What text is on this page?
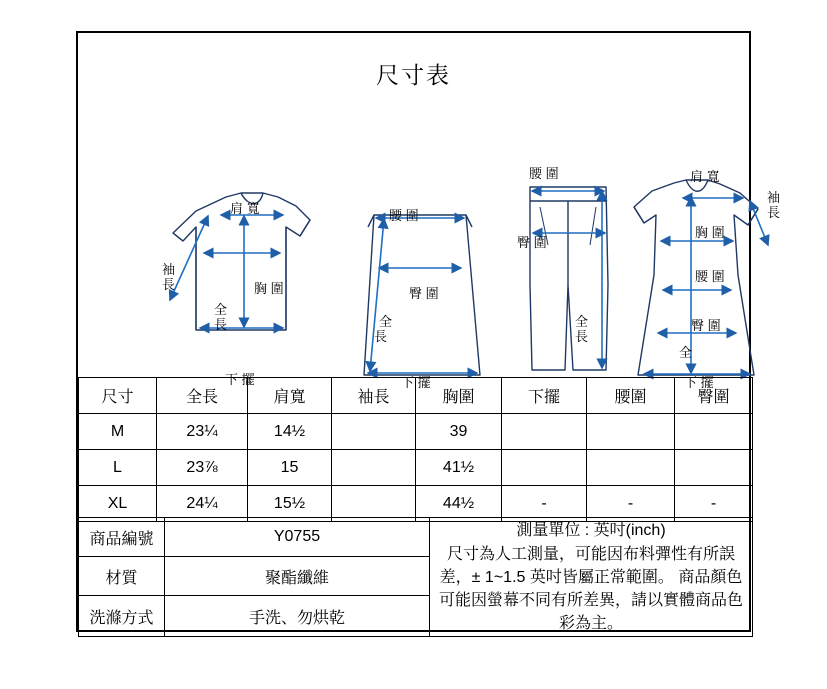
尺寸表
肩 寬
袖
長	胸 圍
全
長
下 擺
腰 圍
臀 圍
全
長
下 擺
腰 圍
臀 圍
全
長
肩 寬
袖
長
胸 圍
腰 圍
臀 圍
全
下 擺
尺寸	全長	肩寬	袖長	胸圍	下擺	腰圍	臀圍
M	23¼	14½		39			
L	23⅞	15		41½			
XL	24¼	15½		44½	-	-	-
商品編號	Y0755	測量單位 : 英吋(inch)
尺寸為人工測量，可能因布料彈性有所誤差，± 1~1.5 英吋皆屬正常範圍。 商品顏色可能因螢幕不同有所差異，請以實體商品色 彩為主。
材質	聚酯纖維	
洗滌方式	手洗、勿烘乾	
